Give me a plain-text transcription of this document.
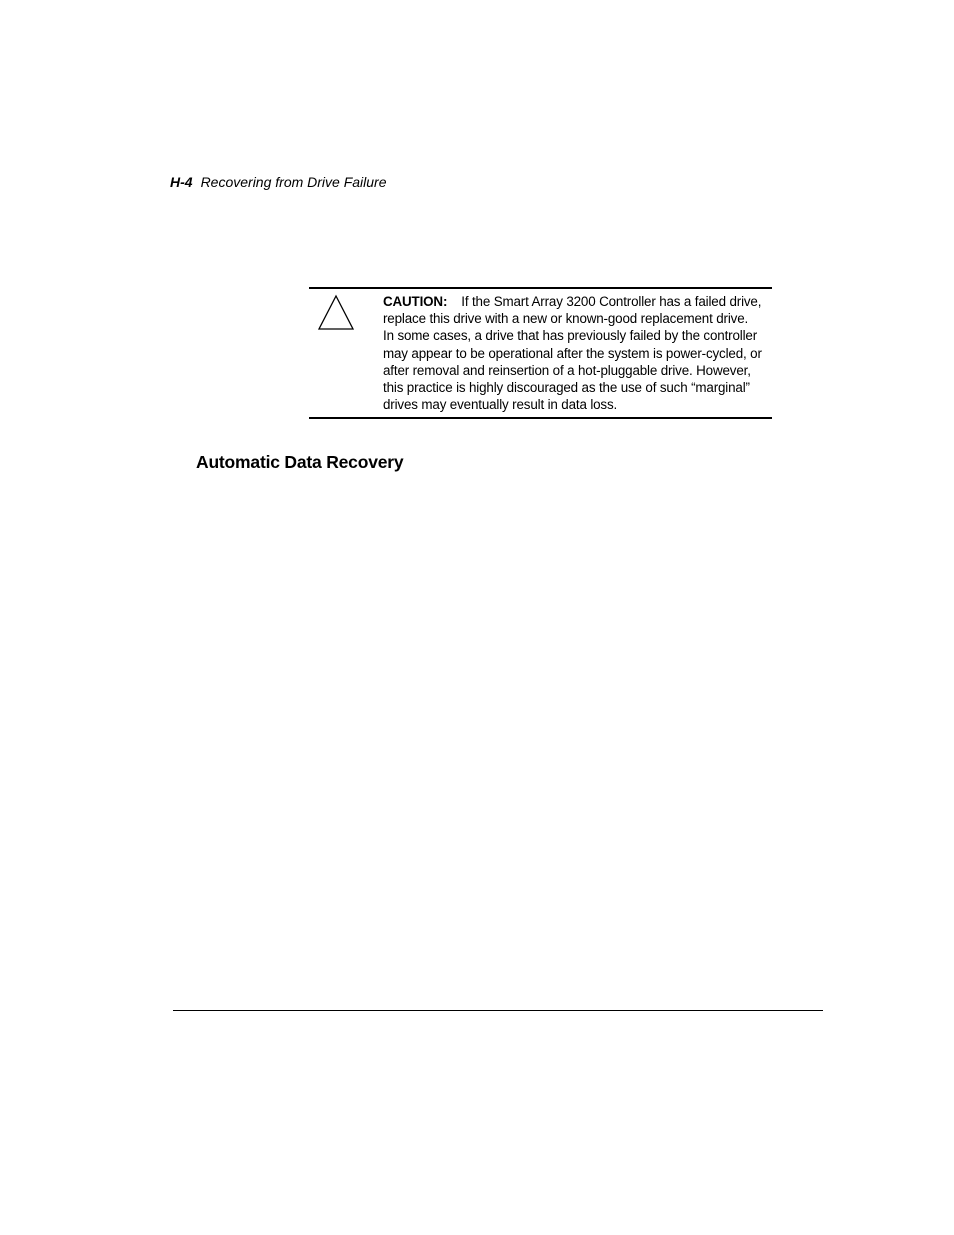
H-4 Recovering from Drive Failure
CAUTION: If the Smart Array 3200 Controller has a failed drive,
replace this drive with a new or known-good replacement drive.
In some cases, a drive that has previously failed by the controller
may appear to be operational after the system is power-cycled, or
after removal and reinsertion of a hot-pluggable drive. However,
this practice is highly discouraged as the use of such “marginal”
drives may eventually result in data loss.
Automatic Data Recovery
